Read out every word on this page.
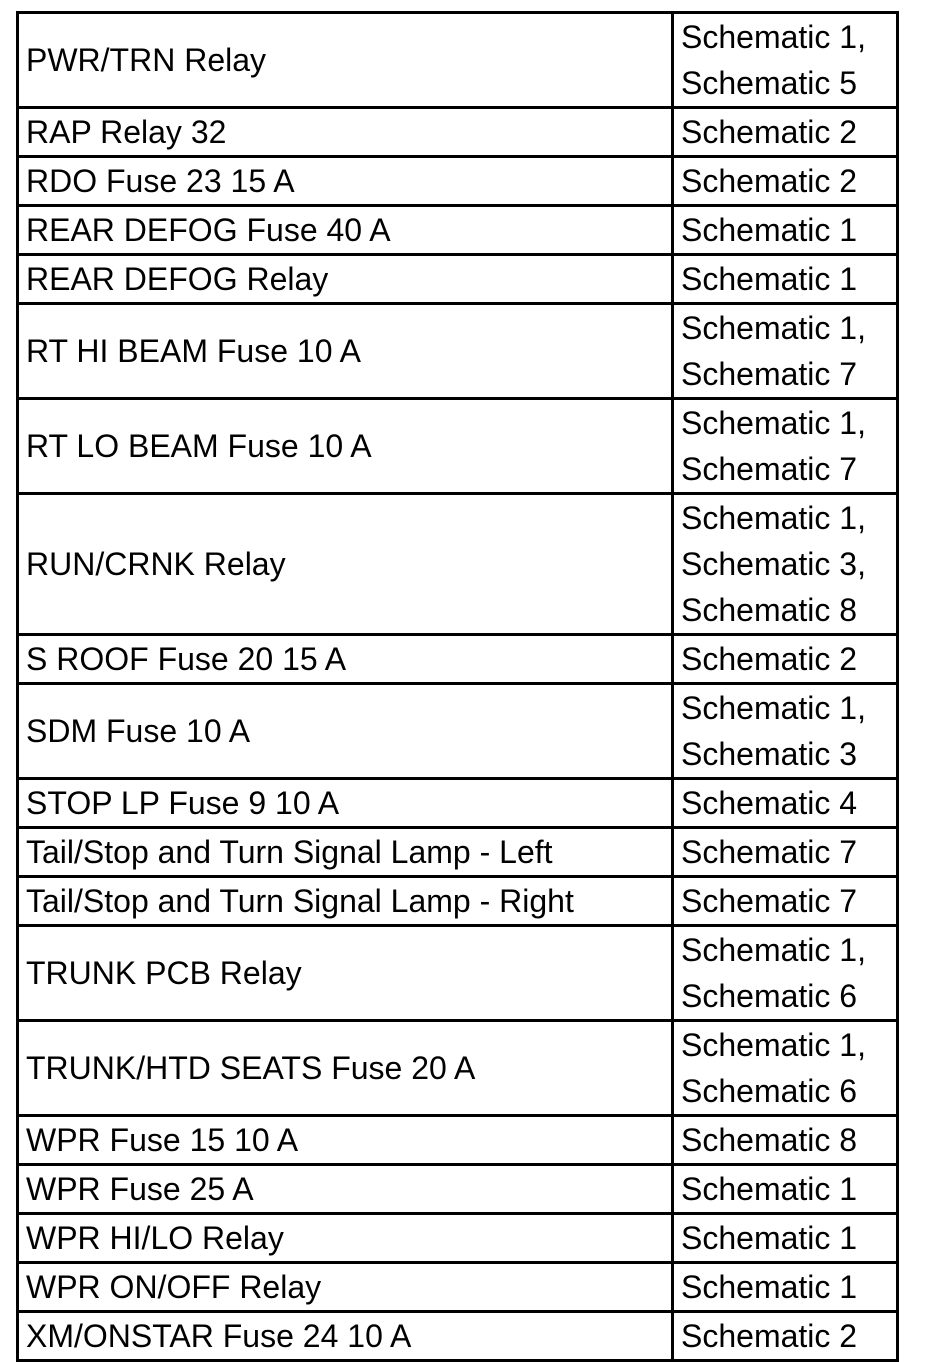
PWR/TRN Relay	Schematic 1,
Schematic 5

RAP Relay 32	Schematic 2

RDO Fuse 23 15 A	Schematic 2

REAR DEFOG Fuse 40 A	Schematic 1

REAR DEFOG Relay	Schematic 1

RT HI BEAM Fuse 10 A	Schematic 1,
Schematic 7

RT LO BEAM Fuse 10 A	Schematic 1,
Schematic 7

RUN/CRNK Relay	Schematic 1,
Schematic 3,
Schematic 8

S ROOF Fuse 20 15 A	Schematic 2

SDM Fuse 10 A	Schematic 1,
Schematic 3

STOP LP Fuse 9 10 A	Schematic 4

Tail/Stop and Turn Signal Lamp - Left	Schematic 7

Tail/Stop and Turn Signal Lamp - Right	Schematic 7

TRUNK PCB Relay	Schematic 1,
Schematic 6

TRUNK/HTD SEATS Fuse 20 A	Schematic 1,
Schematic 6

WPR Fuse 15 10 A	Schematic 8

WPR Fuse 25 A	Schematic 1

WPR HI/LO Relay	Schematic 1

WPR ON/OFF Relay	Schematic 1

XM/ONSTAR Fuse 24 10 A	Schematic 2
